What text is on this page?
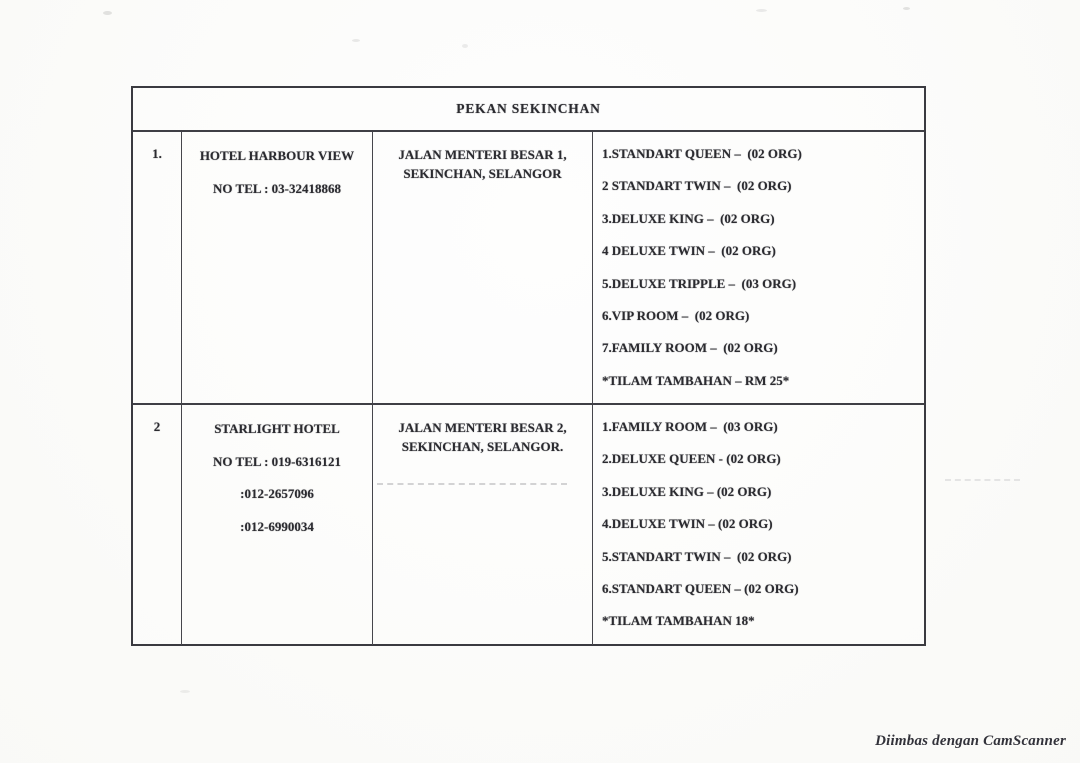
PEKAN SEKINCHAN
1.	HOTEL HARBOUR VIEW
NO TEL : 03-32418868
JALAN MENTERI BESAR 1,
SEKINCHAN, SELANGOR
1.STANDART QUEEN –  (02 ORG)
2 STANDART TWIN –  (02 ORG)
3.DELUXE KING –  (02 ORG)
4 DELUXE TWIN –  (02 ORG)
5.DELUXE TRIPPLE –  (03 ORG)
6.VIP ROOM –  (02 ORG)
7.FAMILY ROOM –  (02 ORG)
*TILAM TAMBAHAN – RM 25*
2	STARLIGHT HOTEL
NO TEL : 019-6316121
:012-2657096
:012-6990034
JALAN MENTERI BESAR 2,
SEKINCHAN, SELANGOR.
1.FAMILY ROOM –  (03 ORG)
2.DELUXE QUEEN - (02 ORG)
3.DELUXE KING – (02 ORG)
4.DELUXE TWIN – (02 ORG)
5.STANDART TWIN –  (02 ORG)
6.STANDART QUEEN – (02 ORG)
*TILAM TAMBAHAN 18*
Diimbas dengan CamScanner
